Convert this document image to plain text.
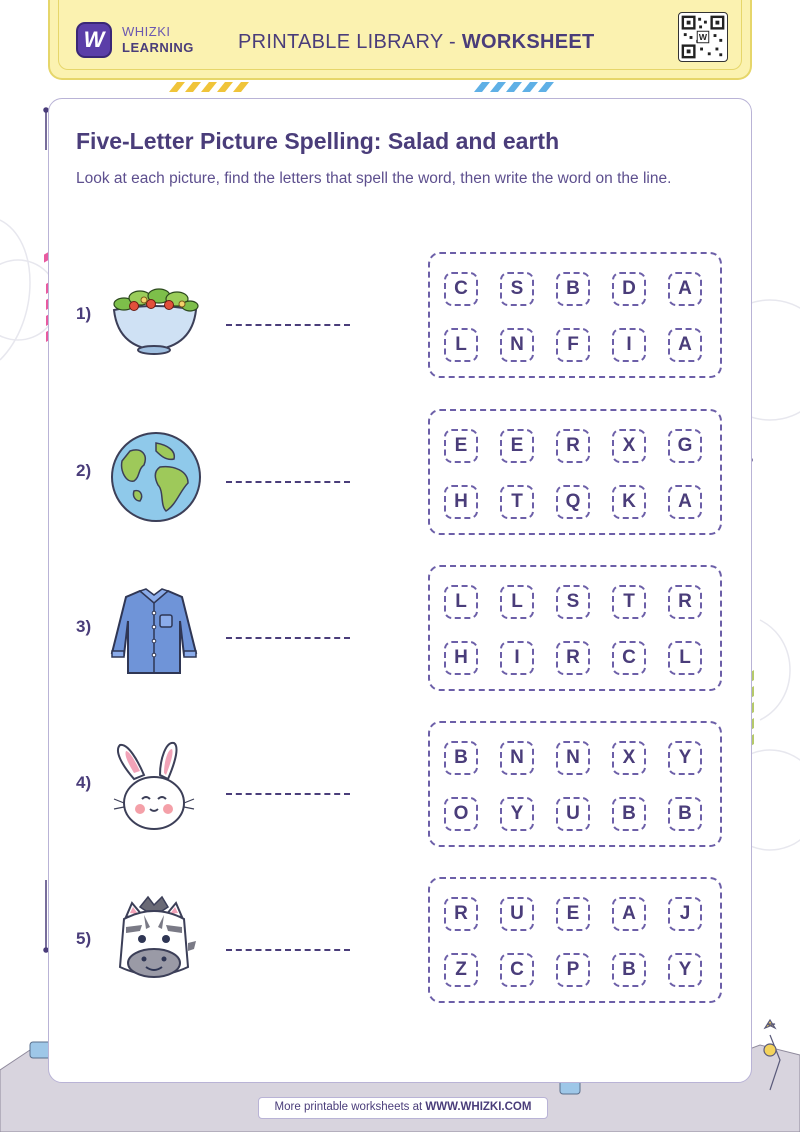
W	WHIZKI
LEARNING PRINTABLE LIBRARY - WORKSHEET	W
Five-Letter Picture Spelling: Salad and earth
Look at each picture, find the letters that spell the word, then write the word on the line.
1)
C	S	B	D	A
L	N	F	I	A
2)
E	E	R	X	G
H	T	Q	K	A
3)
L	L	S	T	R
H	I	R	C	L
4)
B	N	N	X	Y
O	Y	U	B	B
5)
R	U	E	A	J
Z	C	P	B	Y
More printable worksheets at WWW.WHIZKI.COM
